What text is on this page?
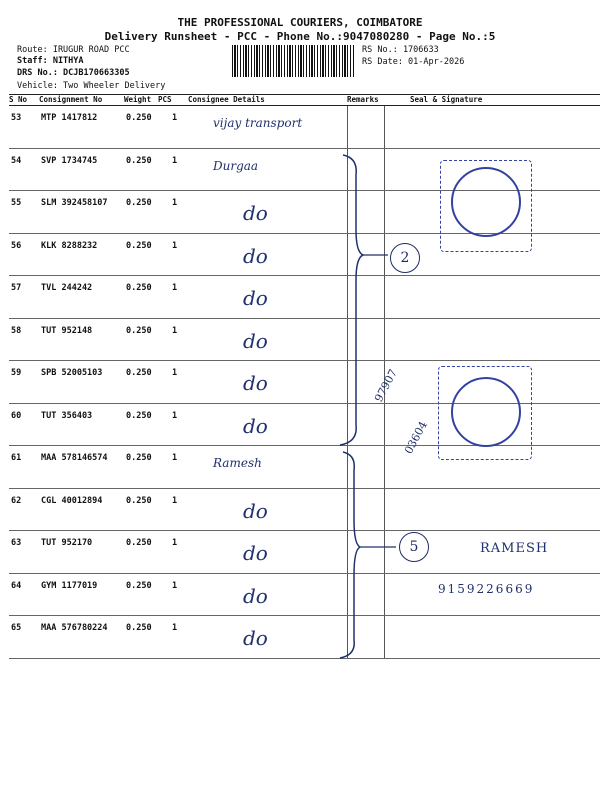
THE PROFESSIONAL COURIERS, COIMBATORE
Delivery Runsheet - PCC - Phone No.:9047080280 - Page No.:5
Route: IRUGUR ROAD PCC
Staff: NITHYA
DRS No.: DCJB170663305
Vehicle: Two Wheeler Delivery
RS No.: 1706633
RS Date: 01-Apr-2026
S No	Consignment No	Weight	PCS	Consignee Details	Remarks	Seal & Signature
53	MTP 1417812	0.250	1	vijay transport		
54	SVP 1734745	0.250	1	Durgaa		
55	SLM 392458107	0.250	1	do		
56	KLK 8288232	0.250	1	do		
57	TVL 244242	0.250	1	do		
58	TUT 952148	0.250	1	do		
59	SPB 52005103	0.250	1	do		
60	TUT 356403	0.250	1	do		
61	MAA 578146574	0.250	1	Ramesh		
62	CGL 40012894	0.250	1	do		
63	TUT 952170	0.250	1	do		
64	GYM 1177019	0.250	1	do		
65	MAA 576780224	0.250	1	do		
2
5	RAMESH
9159226669
97907
03604
